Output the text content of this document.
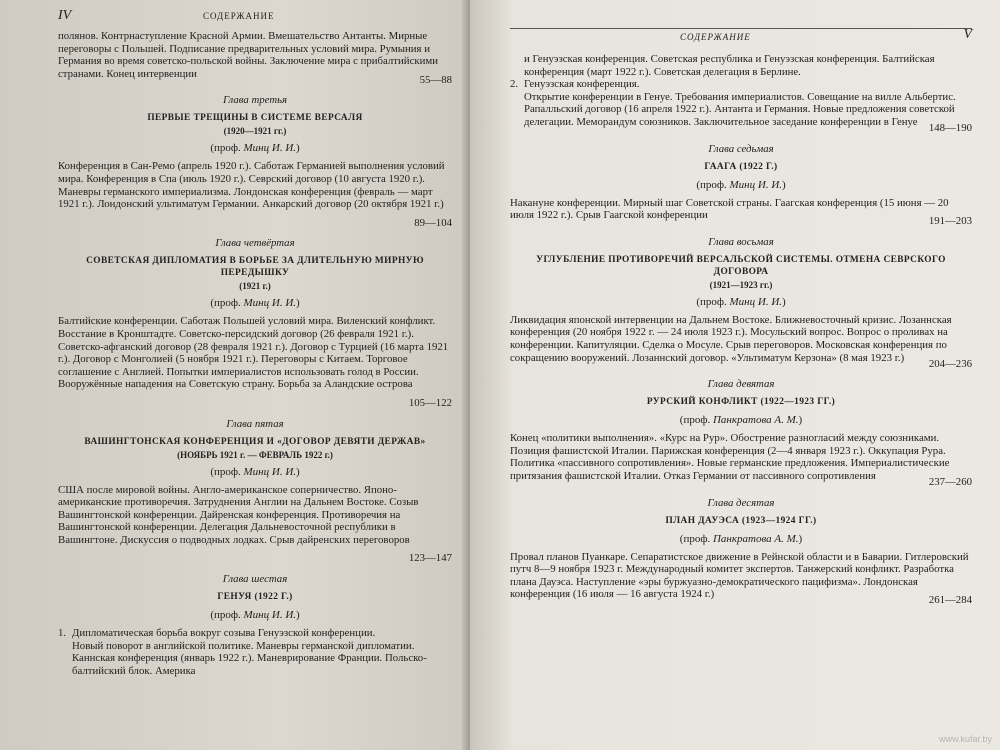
IV	СОДЕРЖАНИЕ

полянов. Контрнаступление Красной Армии. Вмешательство Антанты. Мирные переговоры с Польшей. Подписание предварительных условий мира. Румыния и Германия во время советско-польской войны. Заключение мира с прибалтийскими странами. Конец интервенции	55—88

Глава третья

ПЕРВЫЕ ТРЕЩИНЫ В СИСТЕМЕ ВЕРСАЛЯ

(1920—1921 гг.)

(проф. Минц И. И.)

Конференция в Сан-Ремо (апрель 1920 г.). Саботаж Германией выполнения условий мира. Конференция в Спа (июль 1920 г.). Севрский договор (10 августа 1920 г.). Маневры германского империализма. Лондонская конференция (февраль — март 1921 г.). Лондонский ультиматум Германии. Анкарский договор (20 октября 1921 г.)
89—104

Глава четвёртая

СОВЕТСКАЯ ДИПЛОМАТИЯ В БОРЬБЕ ЗА ДЛИТЕЛЬНУЮ МИРНУЮ ПЕРЕДЫШКУ

(1921 г.)

(проф. Минц И. И.)

Балтийские конференции. Саботаж Польшей условий мира. Виленский конфликт. Восстание в Кронштадте. Советско-персидский договор (26 февраля 1921 г.). Советско-афганский договор (28 февраля 1921 г.). Договор с Турцией (16 марта 1921 г.). Договор с Монголией (5 ноября 1921 г.). Переговоры с Китаем. Торговое соглашение с Англией. Попытки империалистов использовать голод в России. Вооружённые нападения на Советскую страну. Борьба за Аландские острова
105—122

Глава пятая

ВАШИНГТОНСКАЯ КОНФЕРЕНЦИЯ И «ДОГОВОР ДЕВЯТИ ДЕРЖАВ»

(НОЯБРЬ 1921 г. — ФЕВРАЛЬ 1922 г.)

(проф. Минц И. И.)

США после мировой войны. Англо-американское соперничество. Японо-американские противоречия. Затруднения Англии на Дальнем Востоке. Созыв Вашингтонской конференции. Дайренская конференция. Противоречия на Вашингтонской конференции. Делегация Дальневосточной республики в Вашингтоне. Дискуссия о подводных лодках. Срыв дайренских переговоров
123—147

Глава шестая

ГЕНУЯ (1922 Г.)

(проф. Минц И. И.)

1. Дипломатическая борьба вокруг созыва Генуэзской конференции.

Новый поворот в английской политике. Маневры германской дипломатии. Каннская конференция (январь 1922 г.). Маневрирование Франции. Польско-балтийский блок. Америка

СОДЕРЖАНИЕ	V

и Генуэзская конференция. Советская республика и Генуэзская конференция. Балтийская конференция (март 1922 г.). Советская делегация в Берлине.

2. Генуэзская конференция.

Открытие конференции в Генуе. Требования империалистов. Совещание на вилле Альбертис. Рапалльский договор (16 апреля 1922 г.). Антанта и Германия. Новые предложения советской делегации. Меморандум союзников. Заключительное заседание конференции в Генуе 148—190

Глава седьмая

ГААГА (1922 Г.)

(проф. Минц И. И.)

Накануне конференции. Мирный шаг Советской страны. Гаагская конференция (15 июня — 20 июля 1922 г.). Срыв Гаагской конференции	191—203

Глава восьмая

УГЛУБЛЕНИЕ ПРОТИВОРЕЧИЙ ВЕРСАЛЬСКОЙ СИСТЕМЫ. ОТМЕНА СЕВРСКОГО ДОГОВОРА

(1921—1923 гг.)

(проф. Минц И. И.)

Ликвидация японской интервенции на Дальнем Востоке. Ближневосточный кризис. Лозаннская конференция (20 ноября 1922 г. — 24 июля 1923 г.). Мосульский вопрос. Вопрос о проливах на конференции. Капитуляции. Сделка о Мосуле. Срыв переговоров. Московская конференция по сокращению вооружений. Лозаннский договор. «Ультиматум Керзона» (8 мая 1923 г.) 204—236

Глава девятая

РУРСКИЙ КОНФЛИКТ (1922—1923 ГГ.)

(проф. Панкратова А. М.)

Конец «политики выполнения». «Курс на Рур». Обострение разногласий между союзниками. Позиция фашистской Италии. Парижская конференция (2—4 января 1923 г.). Оккупация Рура. Политика «пассивного сопротивления». Новые германские предложения. Империалистические притязания фашистской Италии. Отказ Германии от пассивного сопротивления	237—260

Глава десятая

ПЛАН ДАУЭСА (1923—1924 ГГ.)

(проф. Панкратова А. М.)

Провал планов Пуанкаре. Сепаратистское движение в Рейнской области и в Баварии. Гитлеровский путч 8—9 ноября 1923 г. Международный комитет экспертов. Танжерский конфликт. Разработка плана Дауэса. Наступление «эры буржуазно-демократического пацифизма». Лондонская конференция (16 июля — 16 августа 1924 г.)	261—284

www.kufar.by
